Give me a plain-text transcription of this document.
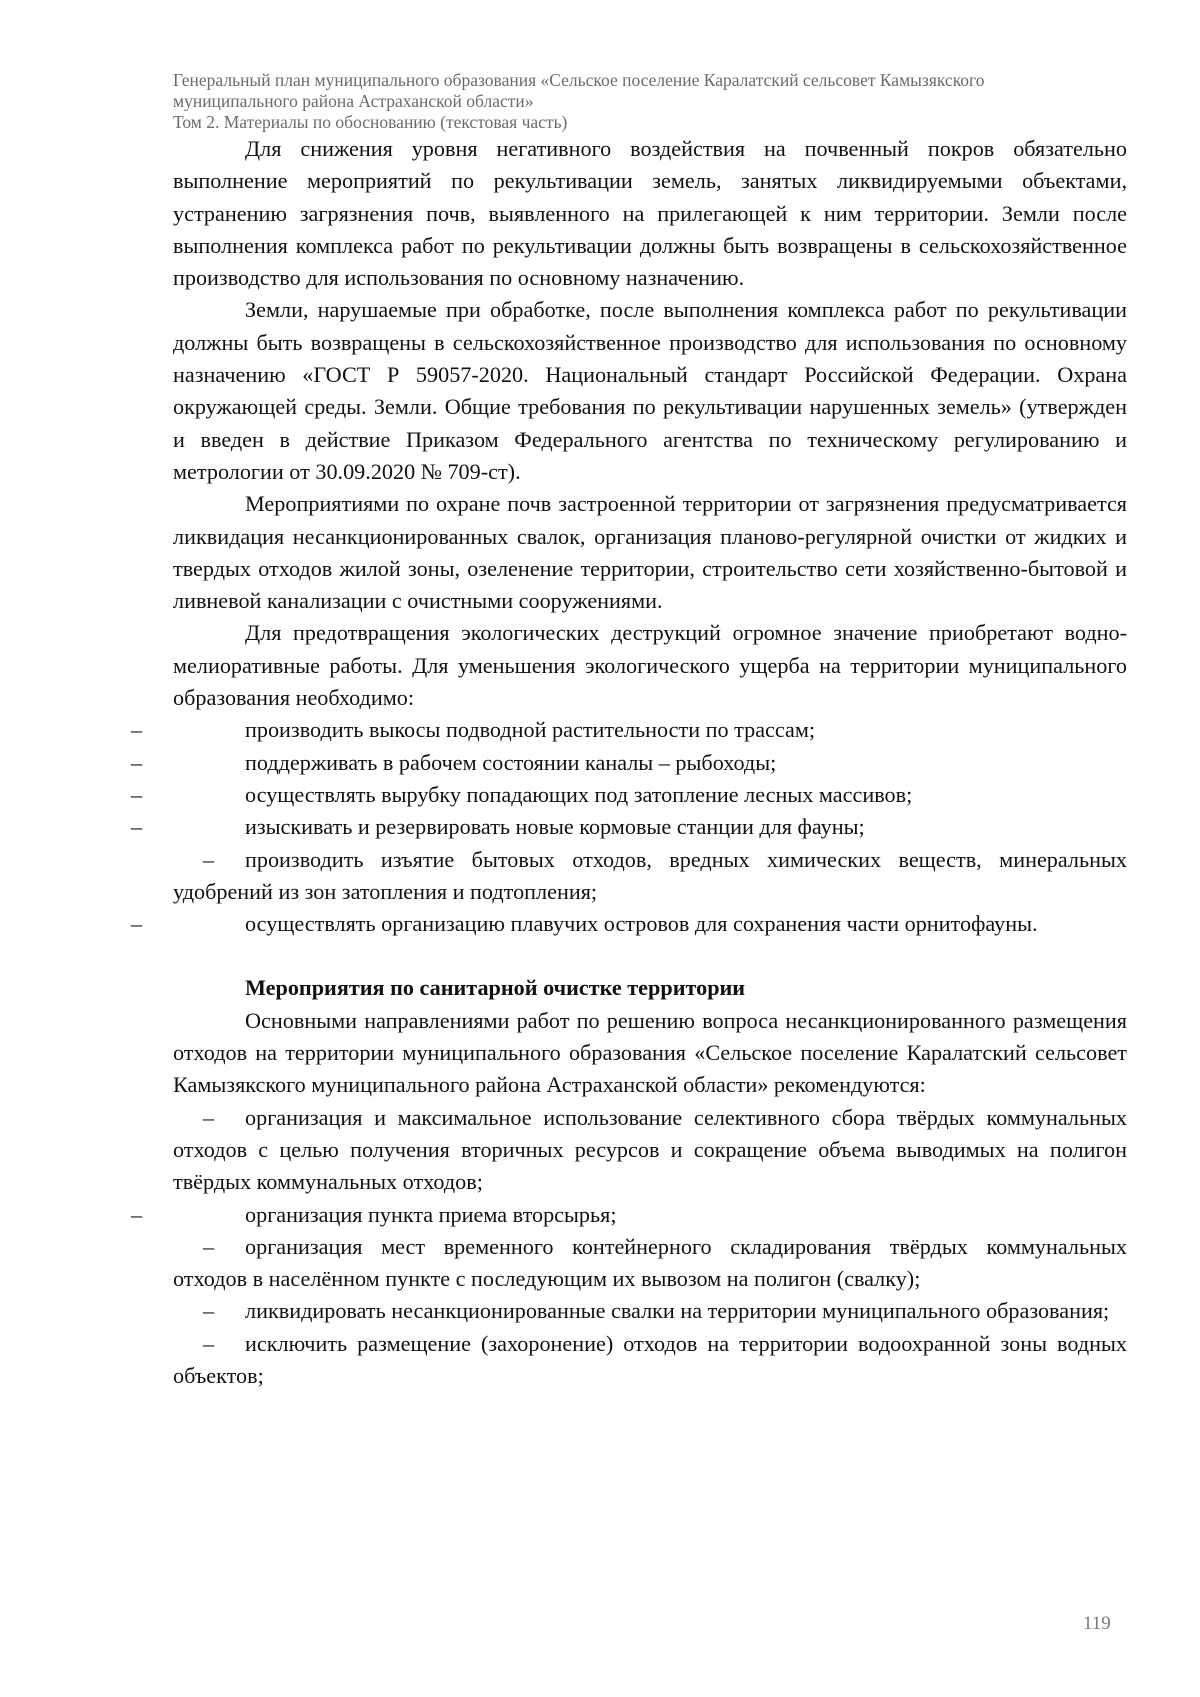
Генеральный план муниципального образования «Сельское поселение Каралатский сельсовет Камызякского
муниципального района Астраханской области»
Том 2. Материалы по обоснованию (текстовая часть)

Для снижения уровня негативного воздействия на почвенный покров обязательно выполнение мероприятий по рекультивации земель, занятых ликвидируемыми объектами, устранению загрязнения почв, выявленного на прилегающей к ним территории. Земли после выполнения комплекса работ по рекультивации должны быть возвращены в сельскохозяйственное производство для использования по основному назначению.

Земли, нарушаемые при обработке, после выполнения комплекса работ по рекультивации должны быть возвращены в сельскохозяйственное производство для использования по основному назначению «ГОСТ Р 59057-2020. Национальный стандарт Российской Федерации. Охрана окружающей среды. Земли. Общие требования по рекультивации нарушенных земель» (утвержден и введен в действие Приказом Федерального агентства по техническому регулированию и метрологии от 30.09.2020 № 709-ст).

Мероприятиями по охране почв застроенной территории от загрязнения предусматривается ликвидация несанкционированных свалок, организация планово-регулярной очистки от жидких и твердых отходов жилой зоны, озеленение территории, строительство сети хозяйственно-бытовой и ливневой канализации с очистными сооружениями.

Для предотвращения экологических деструкций огромное значение приобретают водно-мелиоративные работы. Для уменьшения экологического ущерба на территории муниципального образования необходимо:

–	производить выкосы подводной растительности по трассам;

–	поддерживать в рабочем состоянии каналы – рыбоходы;

–	осуществлять вырубку попадающих под затопление лесных массивов;

–	изыскивать и резервировать новые кормовые станции для фауны;

– производить изъятие бытовых отходов, вредных химических веществ, минеральных удобрений из зон затопления и подтопления;

–	осуществлять организацию плавучих островов для сохранения части орнитофауны.

Мероприятия по санитарной очистке территории

Основными направлениями работ по решению вопроса несанкционированного размещения отходов на территории муниципального образования «Сельское поселение Каралатский сельсовет Камызякского муниципального района Астраханской области» рекомендуются:

– организация и максимальное использование селективного сбора твёрдых коммунальных отходов с целью получения вторичных ресурсов и сокращение объема выводимых на полигон твёрдых коммунальных отходов;

–	организация пункта приема вторсырья;

– организация мест временного контейнерного складирования твёрдых коммунальных отходов в населённом пункте с последующим их вывозом на полигон (свалку);

– ликвидировать несанкционированные свалки на территории муниципального образования;

– исключить размещение (захоронение) отходов на территории водоохранной зоны водных объектов;

119
